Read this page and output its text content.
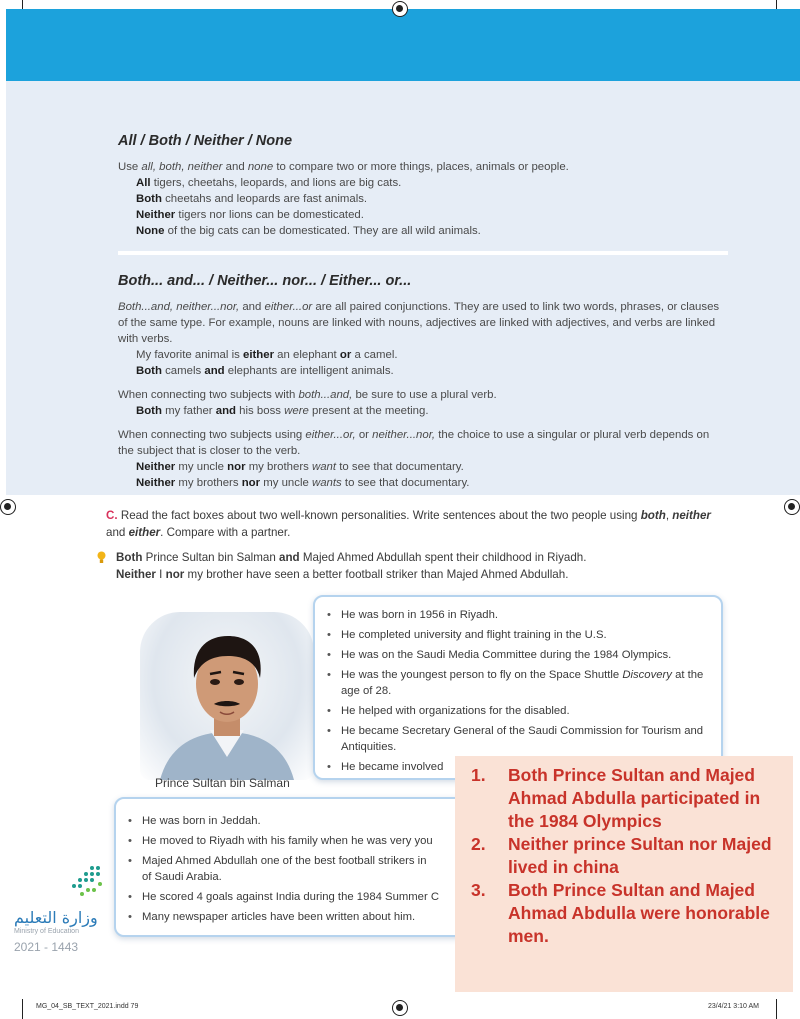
All / Both / Neither / None

Use all, both, neither and none to compare two or more things, places, animals or people.

All tigers, cheetahs, leopards, and lions are big cats.

Both cheetahs and leopards are fast animals.

Neither tigers nor lions can be domesticated.

None of the big cats can be domesticated. They are all wild animals.

Both... and... / Neither... nor... / Either... or...

Both...and, neither...nor, and either...or are all paired conjunctions. They are used to link two words, phrases, or clauses of the same type. For example, nouns are linked with nouns, adjectives are linked with adjectives, and verbs are linked with verbs.

My favorite animal is either an elephant or a camel.

Both camels and elephants are intelligent animals.

When connecting two subjects with both...and, be sure to use a plural verb.

Both my father and his boss were present at the meeting.

When connecting two subjects using either...or, or neither...nor, the choice to use a singular or plural verb depends on the subject that is closer to the verb.

Neither my uncle nor my brothers want to see that documentary.

Neither my brothers nor my uncle wants to see that documentary.

C. Read the fact boxes about two well-known personalities. Write sentences about the two people using both, neither and either. Compare with a partner.

Both Prince Sultan bin Salman and Majed Ahmed Abdullah spent their childhood in Riyadh.

Neither I nor my brother have seen a better football striker than Majed Ahmed Abdullah.

Prince Sultan bin Salman
• He was born in 1956 in Riyadh.
• He completed university and flight training in the U.S.
• He was on the Saudi Media Committee during the 1984 Olympics.
• He was the youngest person to fly on the Space Shuttle Discovery at the age of 28.
• He helped with organizations for the disabled.
• He became Secretary General of the Saudi Commission for Tourism and Antiquities.
• He became involved
• He was born in Jeddah.
• He moved to Riyadh with his family when he was very you
• Majed Ahmed Abdullah one of the best football strikers in
of Saudi Arabia.
• He scored 4 goals against India during the 1984 Summer C
• Many newspaper articles have been written about him.
وزارة التعليم
Ministry of Education
2021 - 1443
1. Both Prince Sultan and Majed Ahmad Abdulla participated in the 1984 Olympics
2. Neither prince Sultan nor Majed lived in china
3. Both Prince Sultan and Majed Ahmad Abdulla were honorable men.
MG_04_SB_TEXT_2021.indd 79	23/4/21 3:10 AM
